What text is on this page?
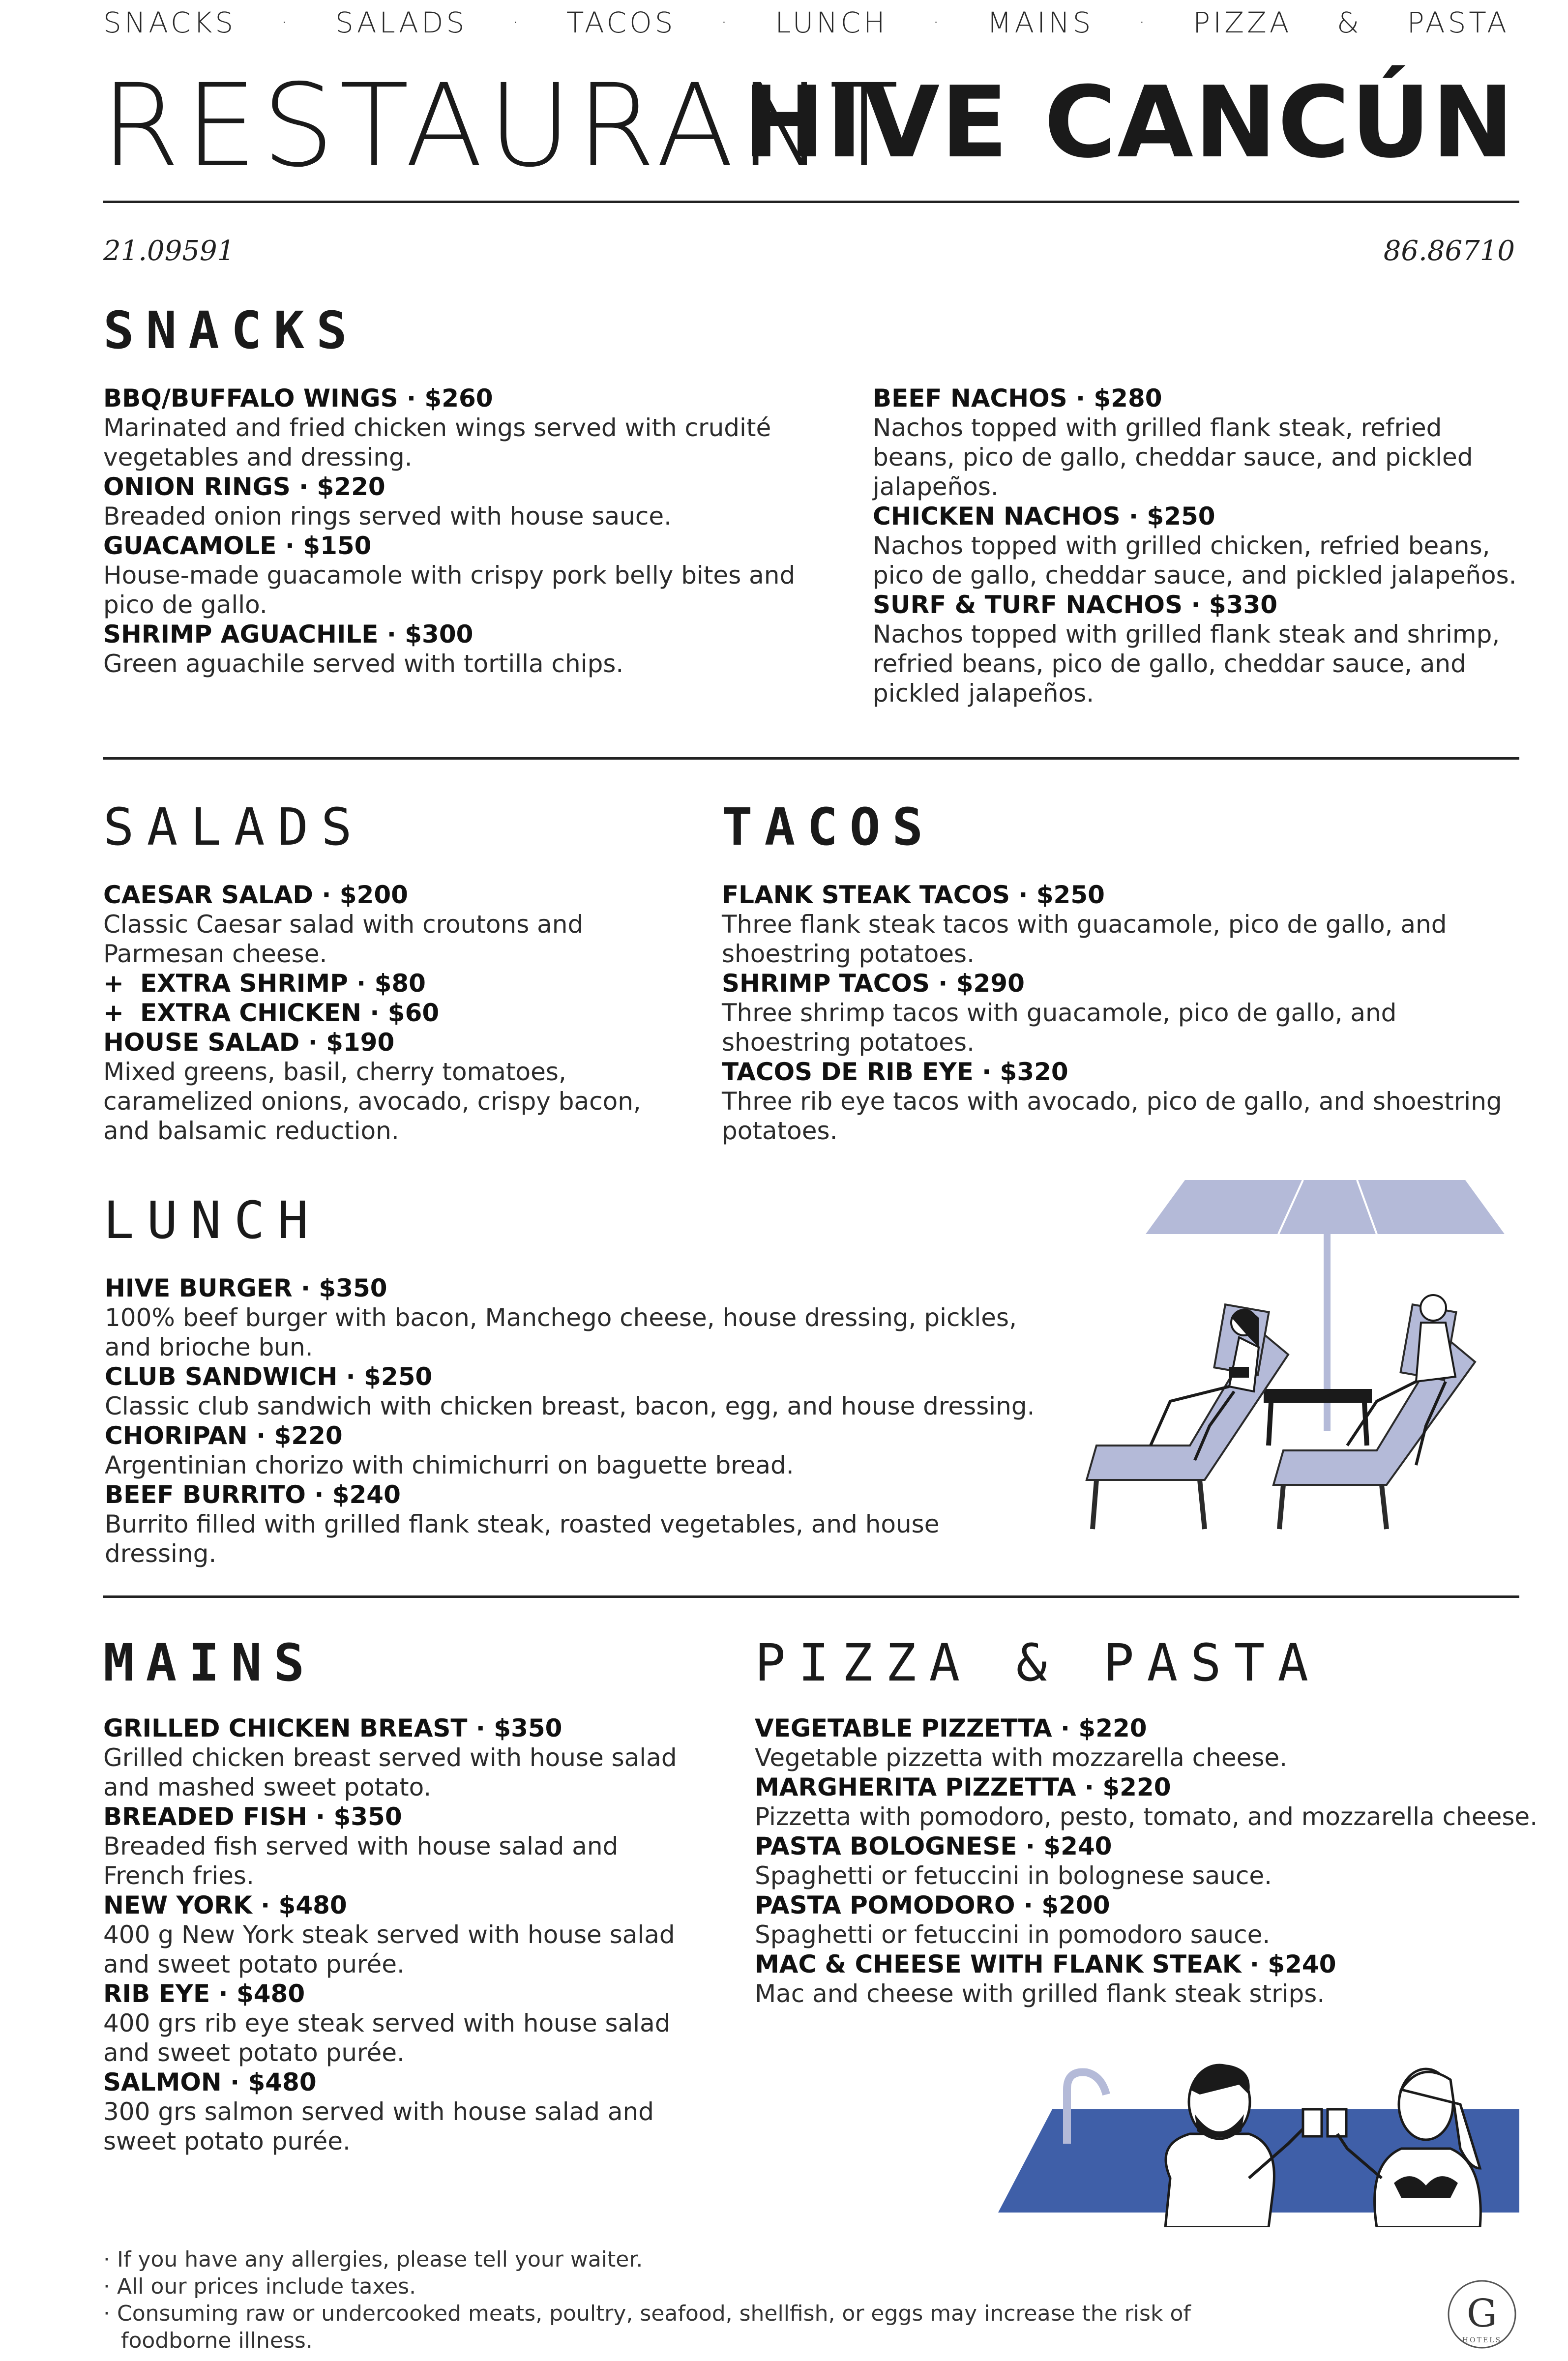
SNACKS · SALADS · TACOS · LUNCH · MAINS · PIZZA & PASTA
RESTAURANT
HIVE CANCÚN
21.09591	86.86710
SNACKS
BBQ/BUFFALO WINGS · $260
Marinated and fried chicken wings served with crudité vegetables and dressing.
ONION RINGS · $220
Breaded onion rings served with house sauce.
GUACAMOLE · $150
House-made guacamole with crispy pork belly bites and pico de gallo.
SHRIMP AGUACHILE · $300
Green aguachile served with tortilla chips.
BEEF NACHOS · $280
Nachos topped with grilled flank steak, refried beans, pico de gallo, cheddar sauce, and pickled jalapeños.
CHICKEN NACHOS · $250
Nachos topped with grilled chicken, refried beans, pico de gallo, cheddar sauce, and pickled jalapeños.
SURF & TURF NACHOS · $330
Nachos topped with grilled flank steak and shrimp, refried beans, pico de gallo, cheddar sauce, and pickled jalapeños.
SALADS
CAESAR SALAD · $200
Classic Caesar salad with croutons and Parmesan cheese.
+ EXTRA SHRIMP · $80
+ EXTRA CHICKEN · $60
HOUSE SALAD · $190
Mixed greens, basil, cherry tomatoes, caramelized onions, avocado, crispy bacon, and balsamic reduction.
TACOS
FLANK STEAK TACOS · $250
Three flank steak tacos with guacamole, pico de gallo, and shoestring potatoes.
SHRIMP TACOS · $290
Three shrimp tacos with guacamole, pico de gallo, and shoestring potatoes.
TACOS DE RIB EYE · $320
Three rib eye tacos with avocado, pico de gallo, and shoestring potatoes.
LUNCH
HIVE BURGER · $350
100% beef burger with bacon, Manchego cheese, house dressing, pickles, and brioche bun.
CLUB SANDWICH · $250
Classic club sandwich with chicken breast, bacon, egg, and house dressing.
CHORIPAN · $220
Argentinian chorizo with chimichurri on baguette bread.
BEEF BURRITO · $240
Burrito filled with grilled flank steak, roasted vegetables, and house dressing.
MAINS
GRILLED CHICKEN BREAST · $350
Grilled chicken breast served with house salad and mashed sweet potato.
BREADED FISH · $350
Breaded fish served with house salad and French fries.
NEW YORK · $480
400 g New York steak served with house salad and sweet potato purée.
RIB EYE · $480
400 grs rib eye steak served with house salad and sweet potato purée.
SALMON · $480
300 grs salmon served with house salad and sweet potato purée.
PIZZA & PASTA
VEGETABLE PIZZETTA · $220
Vegetable pizzetta with mozzarella cheese.
MARGHERITA PIZZETTA · $220
Pizzetta with pomodoro, pesto, tomato, and mozzarella cheese.
PASTA BOLOGNESE · $240
Spaghetti or fetuccini in bolognese sauce.
PASTA POMODORO · $200
Spaghetti or fetuccini in pomodoro sauce.
MAC & CHEESE WITH FLANK STEAK · $240
Mac and cheese with grilled flank steak strips.
· If you have any allergies, please tell your waiter.
· All our prices include taxes.
· Consuming raw or undercooked meats, poultry, seafood, shellfish, or eggs may increase the risk of foodborne illness.
G
HOTELS
